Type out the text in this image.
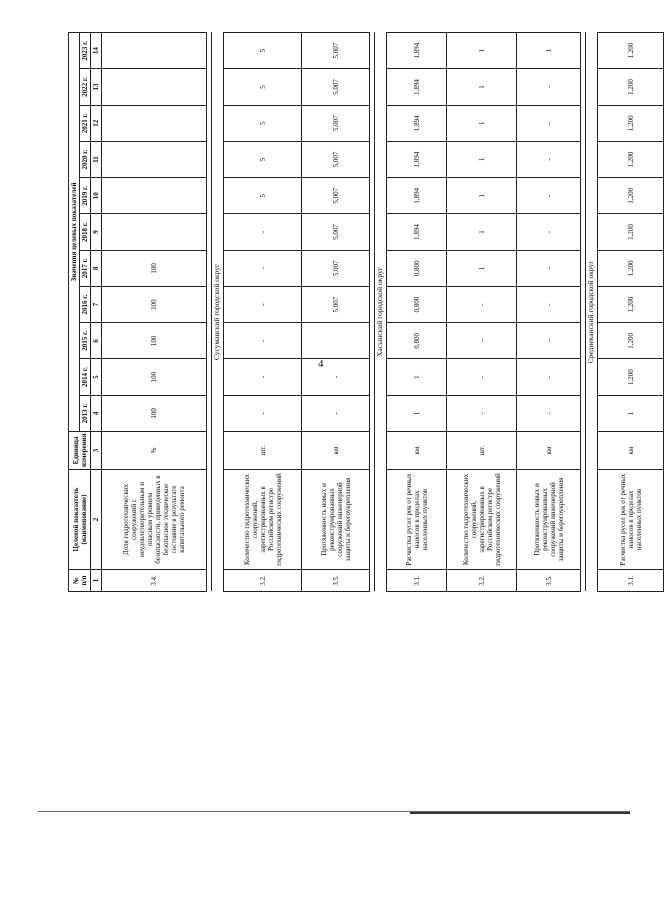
4
№
п/п	Целевой показатель
(наименование)	Единица
измерения	Значения целевых показателей										
			2013 г.	2014 г.	2015 г.	2016 г.	2017 г.	2018 г.	2019 г.	2020 г.	2021 г.	2022 г.	2023 г.
1	2	3	4	5	6	7	8	9	10	11	12	13	14
3.4.	Доля гидротехнических сооружений с неудовлетворительным и опасным уровнем безопасности, приведенных в безопасное техническое состояние в результате капитального ремонта	%	100	100	100	100	100						

Сусуманский городской округ													
3.2.	Количество гидротехнических сооружений, зарегистрированных в Российском регистре гидротехнических сооружений	шт.	-	-	-	-	-	-	5	5	5	5	5
3.5.	Протяженность новых и реконструированных сооружений инженерной защиты и берегоукрепления	км	-	-		5,007	5,007	5,007	5,007	5,007	5,007	5,007	5,007

Хасынский городской округ													
3.1.	Расчистка русел рек от речных наносов в пределах населенных пунктов	км	1	1	0,800	0,800	0,800	1,894	1,894	1,894	1,894	1,894	1,894
3.2.	Количество гидротехнических сооружений, зарегистрированных в Российском регистре гидротехнических сооружений	шт.	-	-	-	-	1	1	1	1	1	1	1
3.5.	Протяженность новых и реконструированных сооружений инженерной защиты и берегоукрепления	км	-	-	-	-	-	-	-	-	-	-	1

Среднеканский городской округ													
3.1.	Расчистка русел рек от речных наносов в пределах населенных пунктов	км	1	1,200	1,200	1,200	1,200	1,200	1,200	1,200	1,200	1,200	1,200
